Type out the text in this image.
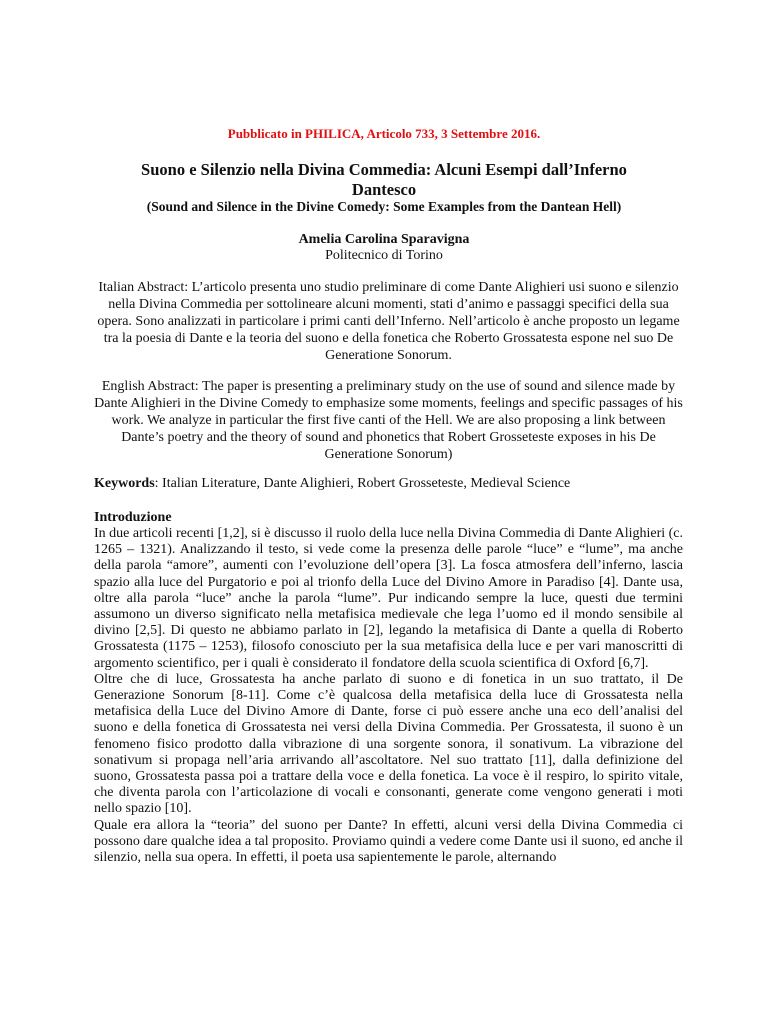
Pubblicato in PHILICA, Articolo 733, 3 Settembre 2016.
Suono e Silenzio nella Divina Commedia: Alcuni Esempi dall’Inferno Dantesco
(Sound and Silence in the Divine Comedy: Some Examples from the Dantean Hell)
Amelia Carolina Sparavigna
Politecnico di Torino

Italian Abstract: L’articolo presenta uno studio preliminare di come Dante Alighieri usi suono e silenzio nella Divina Commedia per sottolineare alcuni momenti, stati d’animo e passaggi specifici della sua opera. Sono analizzati in particolare i primi canti dell’Inferno. Nell’articolo è anche proposto un legame tra la poesia di Dante e la teoria del suono e della fonetica che Roberto Grossatesta espone nel suo De Generatione Sonorum.

English Abstract: The paper is presenting a preliminary study on the use of sound and silence made by Dante Alighieri in the Divine Comedy to emphasize some moments, feelings and specific passages of his work. We analyze in particular the first five canti of the Hell. We are also proposing a link between Dante’s poetry and the theory of sound and phonetics that Robert Grosseteste exposes in his De Generatione Sonorum)

Keywords: Italian Literature, Dante Alighieri, Robert Grosseteste, Medieval Science

Introduzione

In due articoli recenti [1,2], si è discusso il ruolo della luce nella Divina Commedia di Dante Alighieri (c. 1265 – 1321). Analizzando il testo, si vede come la presenza delle parole “luce” e “lume”, ma anche della parola “amore”, aumenti con l’evoluzione dell’opera [3]. La fosca atmosfera dell’inferno, lascia spazio alla luce del Purgatorio e poi al trionfo della Luce del Divino Amore in Paradiso [4]. Dante usa, oltre alla parola “luce” anche la parola “lume”. Pur indicando sempre la luce, questi due termini assumono un diverso significato nella metafisica medievale che lega l’uomo ed il mondo sensibile al divino [2,5]. Di questo ne abbiamo parlato in [2], legando la metafisica di Dante a quella di Roberto Grossatesta (1175 – 1253), filosofo conosciuto per la sua metafisica della luce e per vari manoscritti di argomento scientifico, per i quali è considerato il fondatore della scuola scientifica di Oxford [6,7].

Oltre che di luce, Grossatesta ha anche parlato di suono e di fonetica in un suo trattato, il De Generazione Sonorum [8-11]. Come c’è qualcosa della metafisica della luce di Grossatesta nella metafisica della Luce del Divino Amore di Dante, forse ci può essere anche una eco dell’analisi del suono e della fonetica di Grossatesta nei versi della Divina Commedia. Per Grossatesta, il suono è un fenomeno fisico prodotto dalla vibrazione di una sorgente sonora, il sonativum. La vibrazione del sonativum si propaga nell’aria arrivando all’ascoltatore. Nel suo trattato [11], dalla definizione del suono, Grossatesta passa poi a trattare della voce e della fonetica. La voce è il respiro, lo spirito vitale, che diventa parola con l’articolazione di vocali e consonanti, generate come vengono generati i moti nello spazio [10].

Quale era allora la “teoria” del suono per Dante? In effetti, alcuni versi della Divina Commedia ci possono dare qualche idea a tal proposito. Proviamo quindi a vedere come Dante usi il suono, ed anche il silenzio, nella sua opera. In effetti, il poeta usa sapientemente le parole, alternando
